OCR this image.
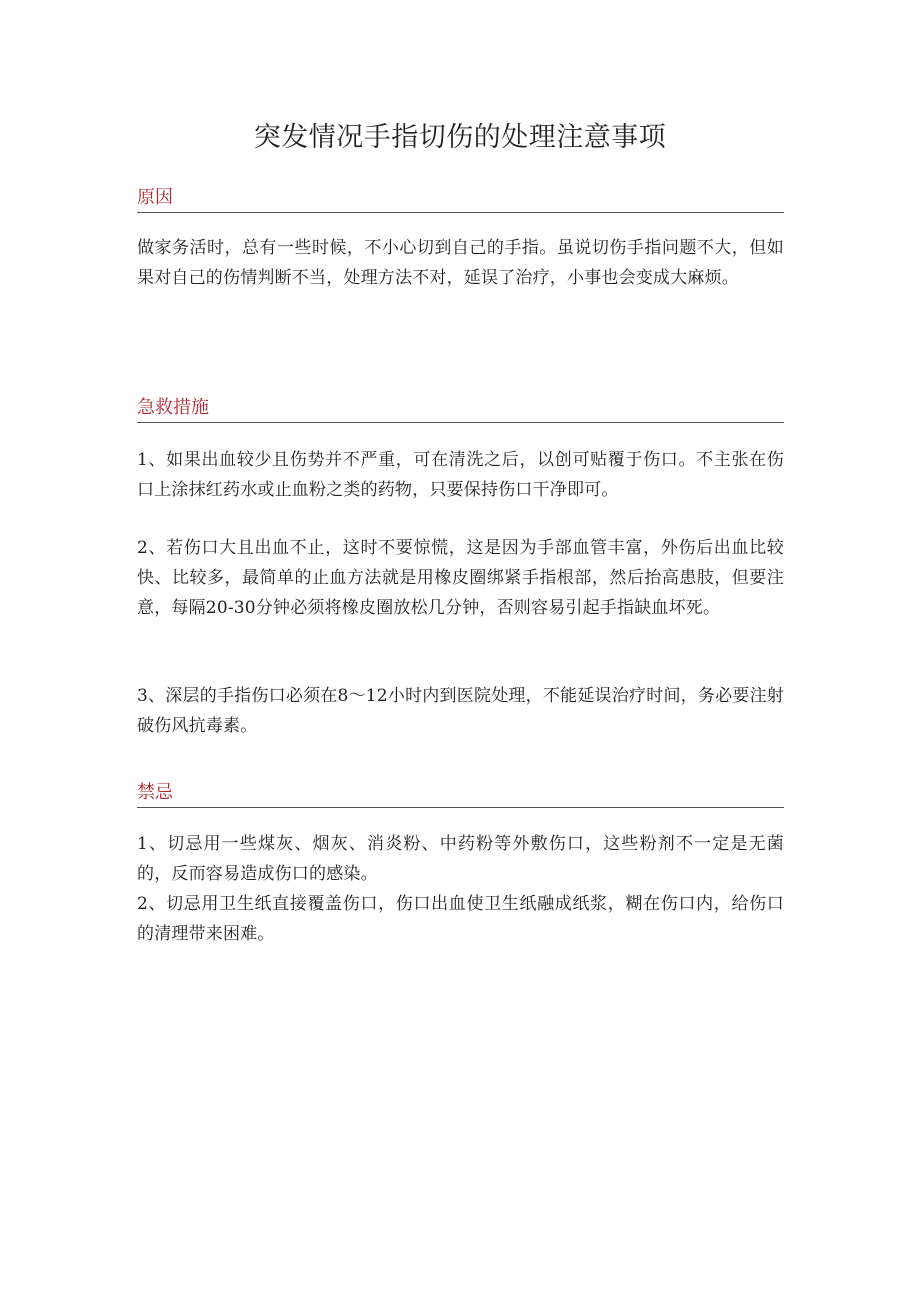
突发情况手指切伤的处理注意事项
原因

做家务活时，总有一些时候，不小心切到自己的手指。虽说切伤手指问题不大，但如果对自己的伤情判断不当，处理方法不对，延误了治疗，小事也会变成大麻烦。

急救措施

1、如果出血较少且伤势并不严重，可在清洗之后，以创可贴覆于伤口。不主张在伤口上涂抹红药水或止血粉之类的药物，只要保持伤口干净即可。

2、若伤口大且出血不止，这时不要惊慌，这是因为手部血管丰富，外伤后出血比较快、比较多，最简单的止血方法就是用橡皮圈绑紧手指根部，然后抬高患肢，但要注意，每隔20-30分钟必须将橡皮圈放松几分钟，否则容易引起手指缺血坏死。

3、深层的手指伤口必须在8～12小时内到医院处理，不能延误治疗时间，务必要注射破伤风抗毒素。

禁忌

1、切忌用一些煤灰、烟灰、消炎粉、中药粉等外敷伤口，这些粉剂不一定是无菌的，反而容易造成伤口的感染。

2、切忌用卫生纸直接覆盖伤口，伤口出血使卫生纸融成纸浆，糊在伤口内，给伤口的清理带来困难。
